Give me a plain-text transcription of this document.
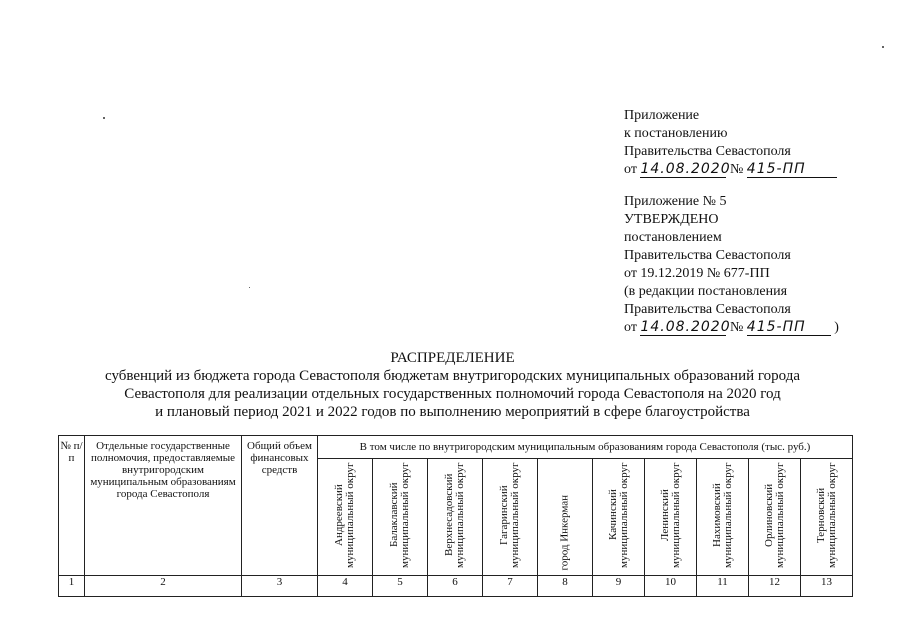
Приложение
к постановлению
Правительства Севастополя
от 14.08.2020 № 415-ПП
Приложение № 5
УТВЕРЖДЕНО
постановлением
Правительства Севастополя
от 19.12.2019 № 677-ПП
(в редакции постановления
Правительства Севастополя
от 14.08.2020 № 415-ПП )
РАСПРЕДЕЛЕНИЕ
субвенций из бюджета города Севастополя бюджетам внутригородских муниципальных образований города
Севастополя для реализации отдельных государственных полномочий города Севастополя на 2020 год
и плановый период 2021 и 2022 годов по выполнению мероприятий в сфере благоустройства
№ п/п	Отдельные государственные полномочия, предоставляемые внутригородским муниципальным образованиям города Севастополя	Общий объем финансовых средств	В том числе по внутригородским муниципальным образованиям города Севастополя (тыс. руб.)									

			Андреевский муниципальный округ	Балаклавский муниципальный округ	Верхнесадовский муниципальный округ	Гагаринский муниципальный округ	город Инкерман	Качинский муниципальный округ	Ленинский муниципальный округ	Нахимовский муниципальный округ	Орлиновский муниципальный округ	Терновский муниципальный округ

1	2	3	4	5	6	7	8	9	10	11	12	13
